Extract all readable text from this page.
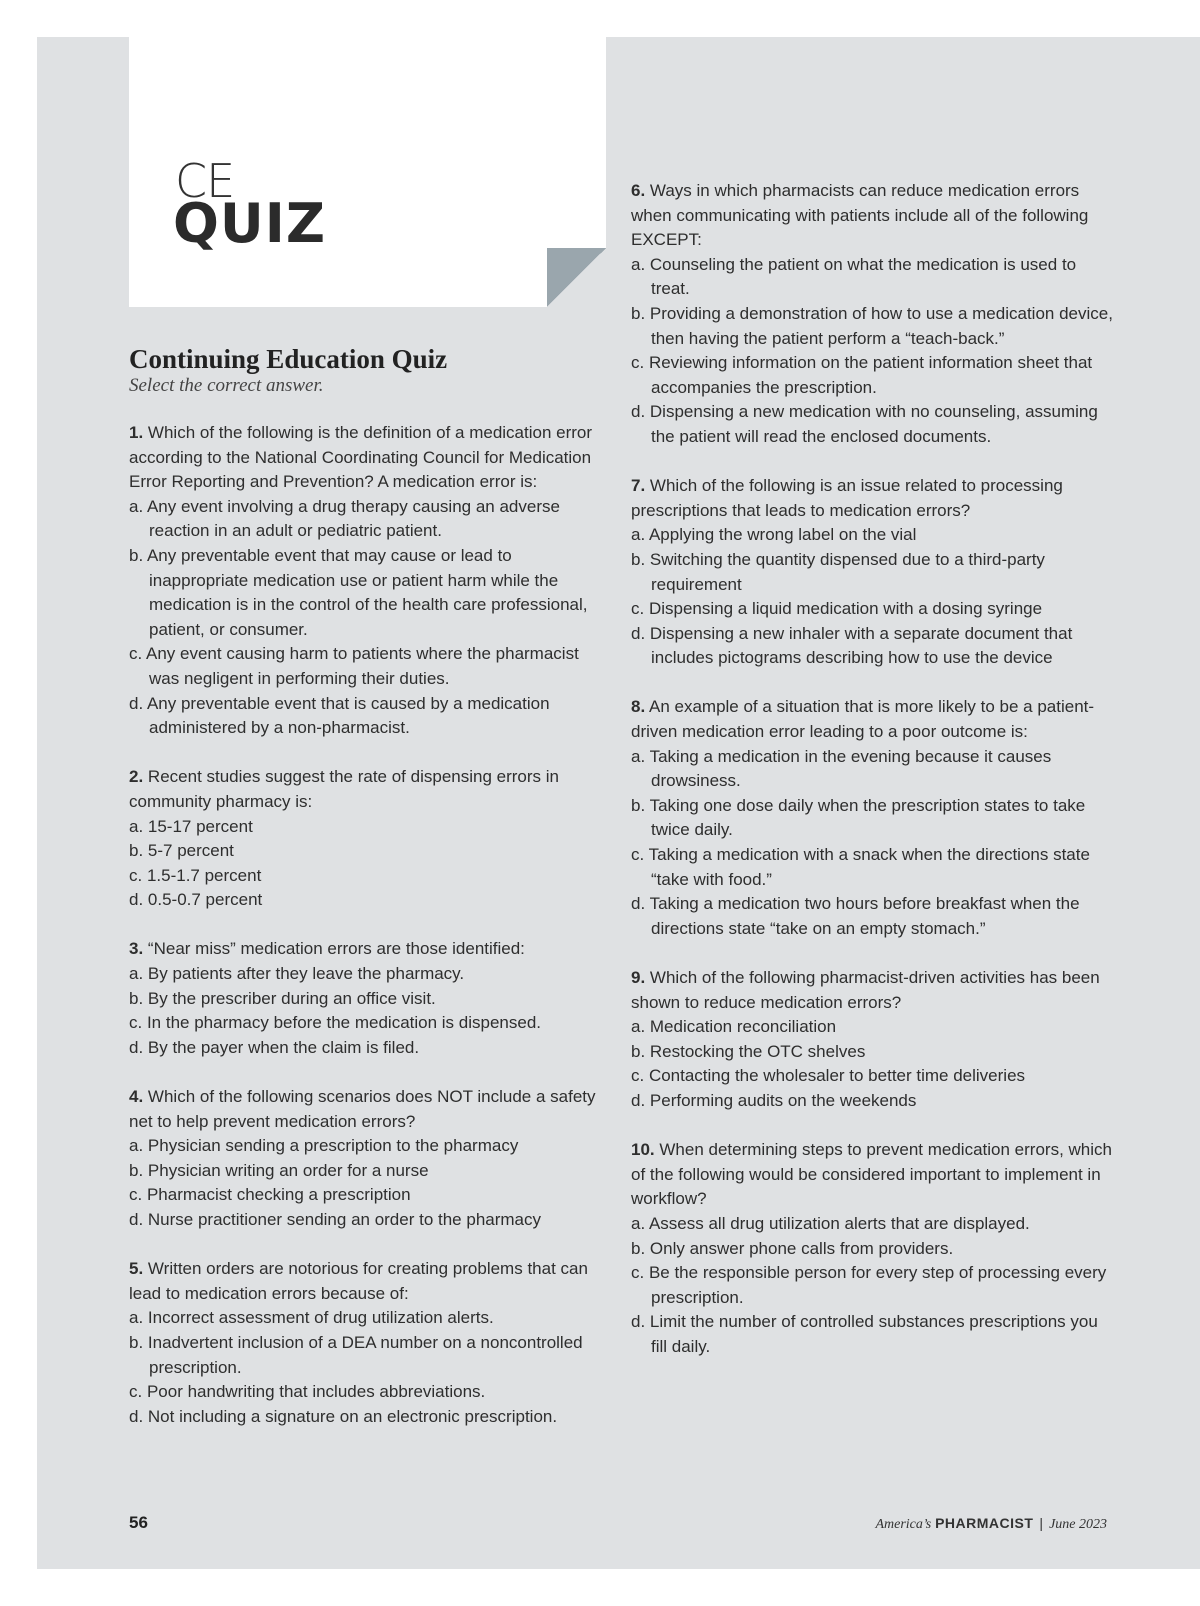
CE
QUIZ
Continuing Education Quiz

Select the correct answer.

1. Which of the following is the definition of a medication error according to the National Coordinating Council for Medication Error Reporting and Prevention? A medication error is:

a. Any event involving a drug therapy causing an adverse reaction in an adult or pediatric patient.

b. Any preventable event that may cause or lead to inappropriate medication use or patient harm while the medication is in the control of the health care professional, patient, or consumer.

c. Any event causing harm to patients where the pharmacist was negligent in performing their duties.

d. Any preventable event that is caused by a medication administered by a non-pharmacist.

2. Recent studies suggest the rate of dispensing errors in community pharmacy is:

a. 15-17 percent

b. 5-7 percent

c. 1.5-1.7 percent

d. 0.5-0.7 percent

3. “Near miss” medication errors are those identified:

a. By patients after they leave the pharmacy.

b. By the prescriber during an office visit.

c. In the pharmacy before the medication is dispensed.

d. By the payer when the claim is filed.

4. Which of the following scenarios does NOT include a safety net to help prevent medication errors?

a. Physician sending a prescription to the pharmacy

b. Physician writing an order for a nurse

c. Pharmacist checking a prescription

d. Nurse practitioner sending an order to the pharmacy

5. Written orders are notorious for creating problems that can lead to medication errors because of:

a. Incorrect assessment of drug utilization alerts.

b. Inadvertent inclusion of a DEA number on a noncontrolled prescription.

c. Poor handwriting that includes abbreviations.

d. Not including a signature on an electronic prescription.

6. Ways in which pharmacists can reduce medication errors when communicating with patients include all of the following EXCEPT:

a. Counseling the patient on what the medication is used to treat.

b. Providing a demonstration of how to use a medication device, then having the patient perform a “teach-back.”

c. Reviewing information on the patient information sheet that accompanies the prescription.

d. Dispensing a new medication with no counseling, assuming the patient will read the enclosed documents.

7. Which of the following is an issue related to processing prescriptions that leads to medication errors?

a. Applying the wrong label on the vial

b. Switching the quantity dispensed due to a third-party requirement

c. Dispensing a liquid medication with a dosing syringe

d. Dispensing a new inhaler with a separate document that includes pictograms describing how to use the device

8. An example of a situation that is more likely to be a patient-driven medication error leading to a poor outcome is:

a. Taking a medication in the evening because it causes drowsiness.

b. Taking one dose daily when the prescription states to take twice daily.

c. Taking a medication with a snack when the directions state “take with food.”

d. Taking a medication two hours before breakfast when the directions state “take on an empty stomach.”

9. Which of the following pharmacist-driven activities has been shown to reduce medication errors?

a. Medication reconciliation

b. Restocking the OTC shelves

c. Contacting the wholesaler to better time deliveries

d. Performing audits on the weekends

10. When determining steps to prevent medication errors, which of the following would be considered important to implement in workflow?

a. Assess all drug utilization alerts that are displayed.

b. Only answer phone calls from providers.

c. Be the responsible person for every step of processing every prescription.

d. Limit the number of controlled substances prescriptions you fill daily.

56	America’s PHARMACIST | June 2023
